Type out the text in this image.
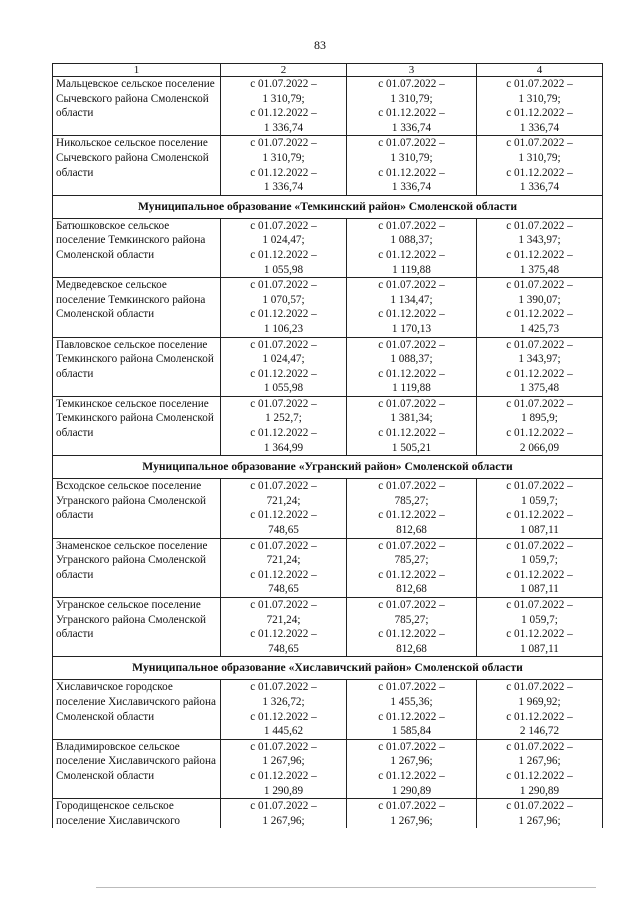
83
1	2	3	4
Мальцевское сельское поселение Сычевского района Смоленской области	с 01.07.2022 –
1 310,79;
с 01.12.2022 –
1 336,74	с 01.07.2022 –
1 310,79;
с 01.12.2022 –
1 336,74	с 01.07.2022 –
1 310,79;
с 01.12.2022 –
1 336,74

Никольское сельское поселение Сычевского района Смоленской области	с 01.07.2022 –
1 310,79;
с 01.12.2022 –
1 336,74	с 01.07.2022 –
1 310,79;
с 01.12.2022 –
1 336,74	с 01.07.2022 –
1 310,79;
с 01.12.2022 –
1 336,74

Муниципальное образование «Темкинский район» Смоленской области			
Батюшковское сельское поселение Темкинского района Смоленской области	с 01.07.2022 –
1 024,47;
с 01.12.2022 –
1 055,98	с 01.07.2022 –
1 088,37;
с 01.12.2022 –
1 119,88	с 01.07.2022 –
1 343,97;
с 01.12.2022 –
1 375,48

Медведевское сельское поселение Темкинского района Смоленской области	с 01.07.2022 –
1 070,57;
с 01.12.2022 –
1 106,23	с 01.07.2022 –
1 134,47;
с 01.12.2022 –
1 170,13	с 01.07.2022 –
1 390,07;
с 01.12.2022 –
1 425,73

Павловское сельское поселение Темкинского района Смоленской области	с 01.07.2022 –
1 024,47;
с 01.12.2022 –
1 055,98	с 01.07.2022 –
1 088,37;
с 01.12.2022 –
1 119,88	с 01.07.2022 –
1 343,97;
с 01.12.2022 –
1 375,48

Темкинское сельское поселение Темкинского района Смоленской области	с 01.07.2022 –
1 252,7;
с 01.12.2022 –
1 364,99	с 01.07.2022 –
1 381,34;
с 01.12.2022 –
1 505,21	с 01.07.2022 –
1 895,9;
с 01.12.2022 –
2 066,09

Муниципальное образование «Угранский район» Смоленской области			
Всходское сельское поселение Угранского района Смоленской области	с 01.07.2022 –
721,24;
с 01.12.2022 –
748,65	с 01.07.2022 –
785,27;
с 01.12.2022 –
812,68	с 01.07.2022 –
1 059,7;
с 01.12.2022 –
1 087,11

Знаменское сельское поселение Угранского района Смоленской области	с 01.07.2022 –
721,24;
с 01.12.2022 –
748,65	с 01.07.2022 –
785,27;
с 01.12.2022 –
812,68	с 01.07.2022 –
1 059,7;
с 01.12.2022 –
1 087,11

Угранское сельское поселение Угранского района Смоленской области	с 01.07.2022 –
721,24;
с 01.12.2022 –
748,65	с 01.07.2022 –
785,27;
с 01.12.2022 –
812,68	с 01.07.2022 –
1 059,7;
с 01.12.2022 –
1 087,11

Муниципальное образование «Хиславичский район» Смоленской области			
Хиславичское городское поселение Хиславичского района Смоленской области	с 01.07.2022 –
1 326,72;
с 01.12.2022 –
1 445,62	с 01.07.2022 –
1 455,36;
с 01.12.2022 –
1 585,84	с 01.07.2022 –
1 969,92;
с 01.12.2022 –
2 146,72

Владимировское сельское поселение Хиславичского района Смоленской области	с 01.07.2022 –
1 267,96;
с 01.12.2022 –
1 290,89	с 01.07.2022 –
1 267,96;
с 01.12.2022 –
1 290,89	с 01.07.2022 –
1 267,96;
с 01.12.2022 –
1 290,89

Городищенское сельское поселение Хиславичского	с 01.07.2022 –
1 267,96;	с 01.07.2022 –
1 267,96;	с 01.07.2022 –
1 267,96;
